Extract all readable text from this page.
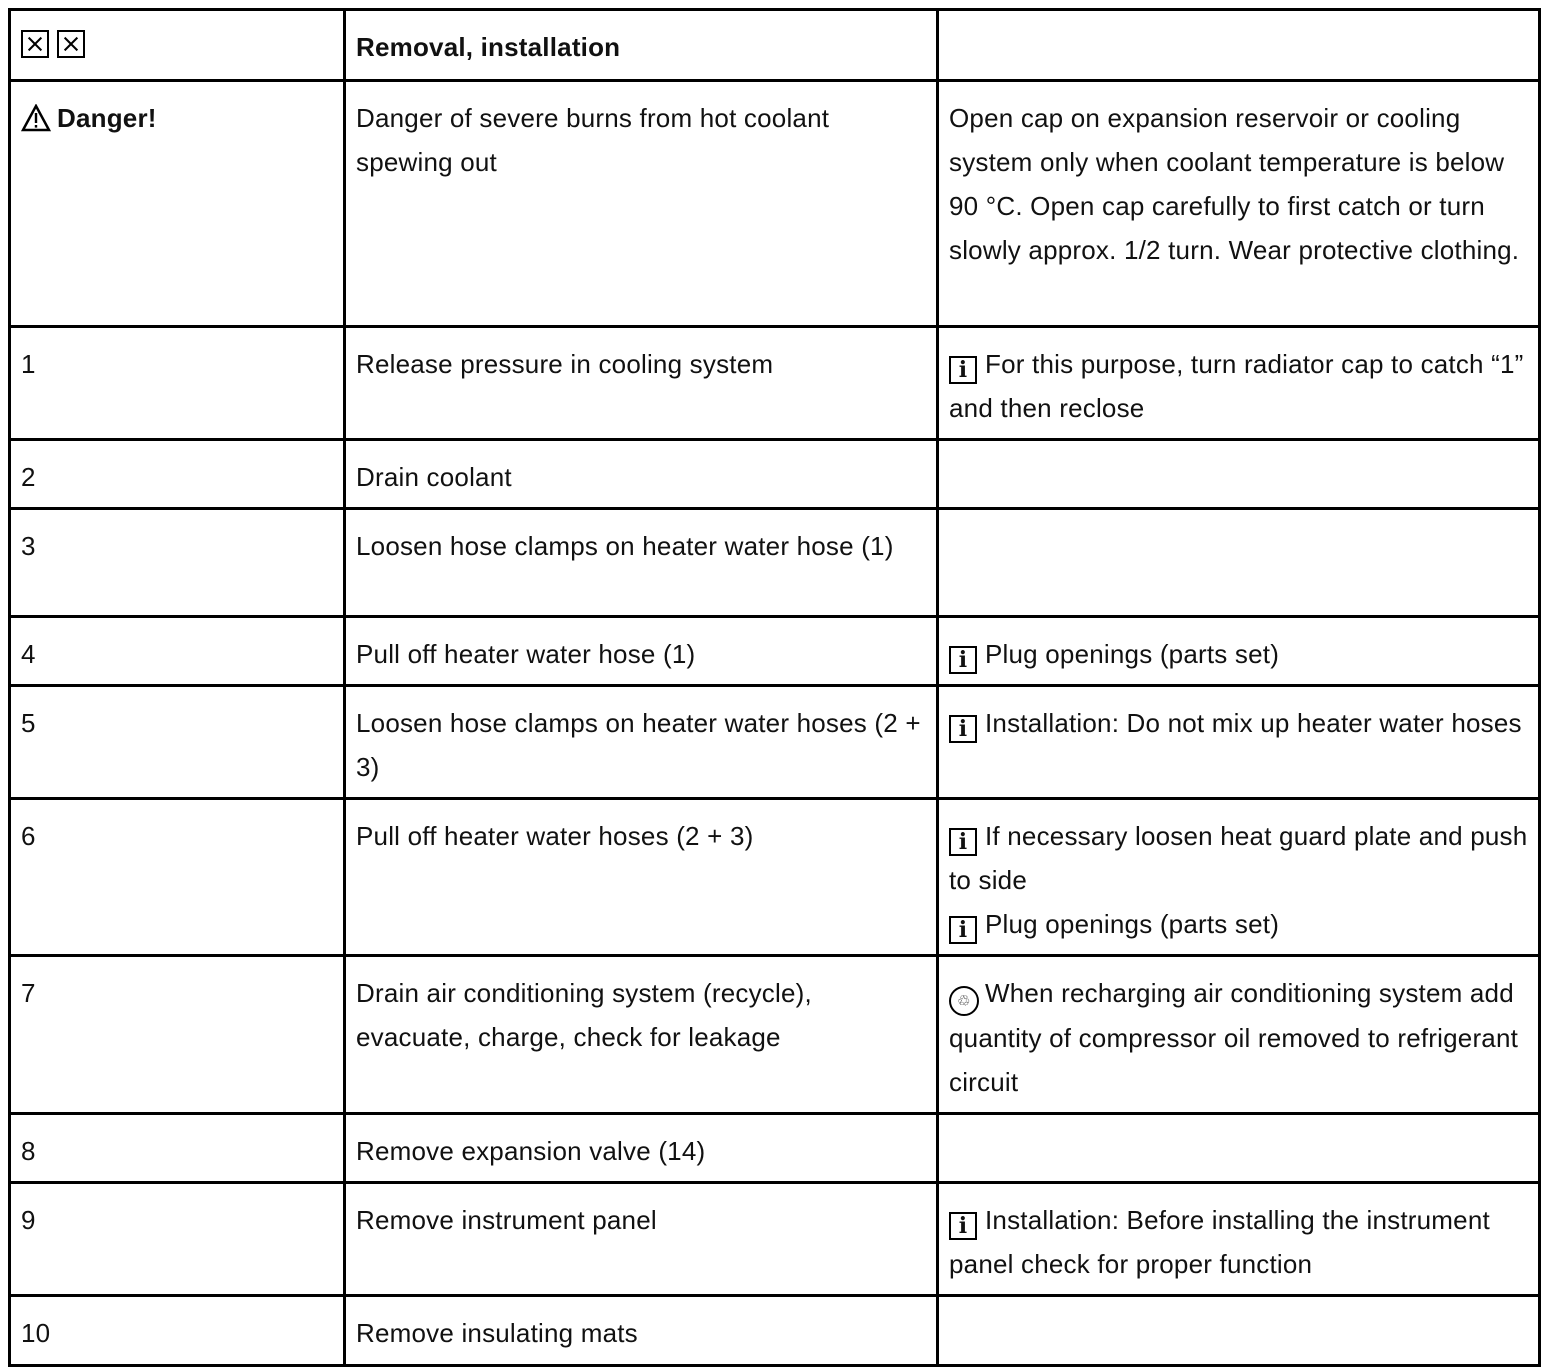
	Removal, installation	

Danger!	Danger of severe burns from hot coolant spewing out	Open cap on expansion reservoir or cooling system only when coolant temperature is below 90 °C. Open cap carefully to first catch or turn slowly approx. 1/2 turn. Wear protective clothing.
1	Release pressure in cooling system	i For this purpose, turn radiator cap to catch “1” and then reclose

2	Drain coolant	
3	Loosen hose clamps on heater water hose (1)	
4	Pull off heater water hose (1)	i Plug openings (parts set)

5	Loosen hose clamps on heater water hoses (2 + 3)	i Installation: Do not mix up heater water hoses

6	Pull off heater water hoses (2 + 3)	i If necessary loosen heat guard plate and push to side
i Plug openings (parts set)

7	Drain air conditioning system (recycle), evacuate, charge, check for leakage	♲ When recharging air conditioning system add quantity of compressor oil removed to refrigerant circuit

8	Remove expansion valve (14)	
9	Remove instrument panel	i Installation: Before installing the instrument panel check for proper function

10	Remove insulating mats	
